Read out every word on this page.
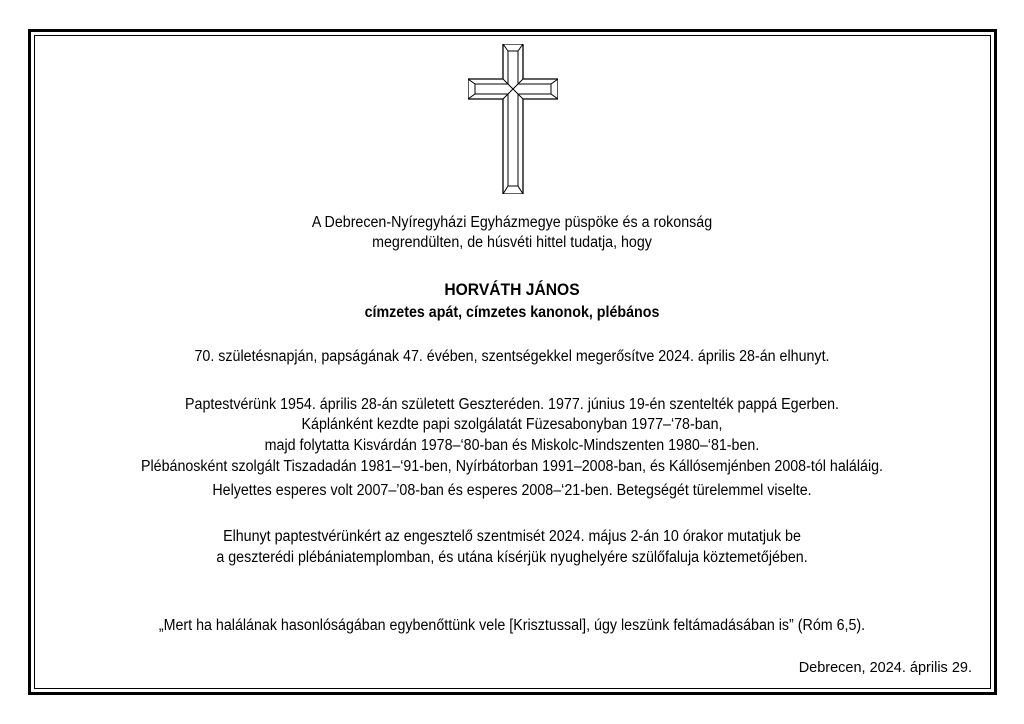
A Debrecen-Nyíregyházi Egyházmegye püspöke és a rokonság
megrendülten, de húsvéti hittel tudatja, hogy
HORVÁTH JÁNOS
címzetes apát, címzetes kanonok, plébános
70. születésnapján, papságának 47. évében, szentségekkel megerősítve 2024. április 28-án elhunyt.
Paptestvérünk 1954. április 28-án született Geszteréden. 1977. június 19-én szentelték pappá Egerben.
Káplánként kezdte papi szolgálatát Füzesabonyban 1977–‘78-ban,
majd folytatta Kisvárdán 1978–‘80-ban és Miskolc-Mindszenten 1980–‘81-ben.
Plébánosként szolgált Tiszadadán 1981–‘91-ben, Nyírbátorban 1991–2008-ban, és Kállósemjénben 2008-tól haláláig.
Helyettes esperes volt 2007–’08-ban és esperes 2008–‘21-ben. Betegségét türelemmel viselte.
Elhunyt paptestvérünkért az engesztelő szentmisét 2024. május 2-án 10 órakor mutatjuk be
a geszterédi plébániatemplomban, és utána kísérjük nyughelyére szülőfaluja köztemetőjében.
„Mert ha halálának hasonlóságában egybenőttünk vele [Krisztussal], úgy leszünk feltámadásában is” (Róm 6,5).
Debrecen, 2024. április 29.
